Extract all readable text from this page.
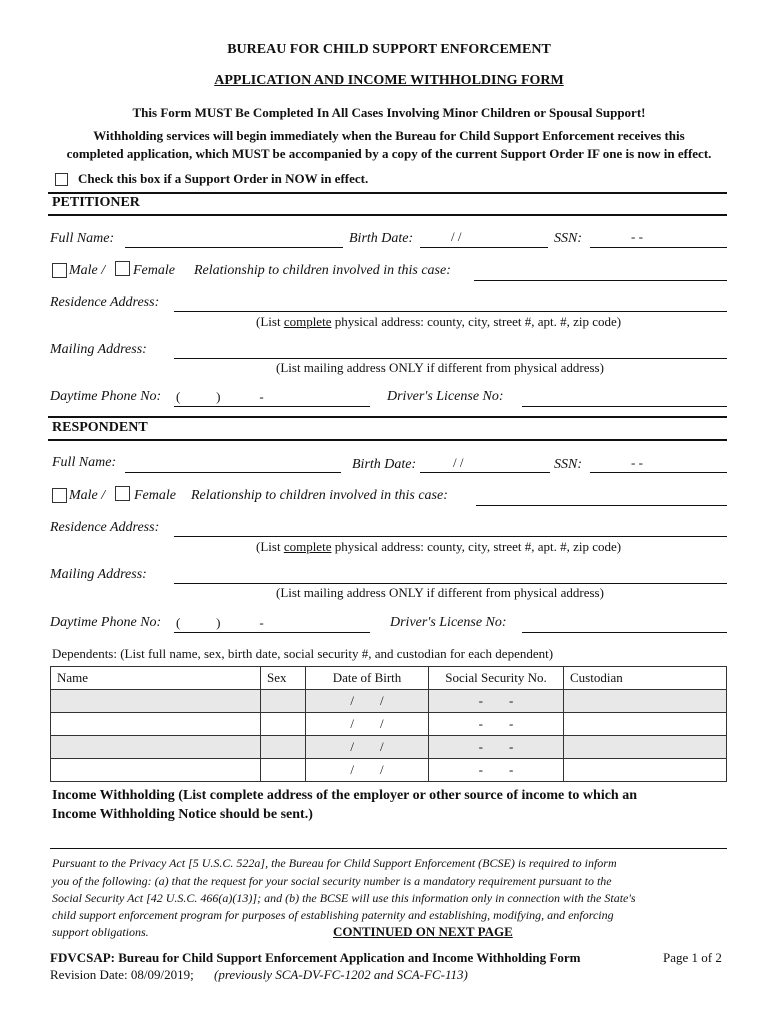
BUREAU FOR CHILD SUPPORT ENFORCEMENT
APPLICATION AND INCOME WITHHOLDING FORM
This Form MUST Be Completed In All Cases Involving Minor Children or Spousal Support!
Withholding services will begin immediately when the Bureau for Child Support Enforcement receives this
completed application, which MUST be accompanied by a copy of the current Support Order IF one is now in effect.
Check this box if a Support Order in NOW in effect.
PETITIONER
Full Name:	Birth Date:	/ /	SSN:	- -
Male / Female Relationship to children involved in this case:
Residence Address:
(List complete physical address: county, city, street #, apt. #, zip code)
Mailing Address:
(List mailing address ONLY if different from physical address)
Daytime Phone No: (           )            -	Driver's License No:
RESPONDENT
Full Name:	Birth Date:	/ /	SSN:	- -
Male / Female Relationship to children involved in this case:
Residence Address:
(List complete physical address: county, city, street #, apt. #, zip code)
Mailing Address:
(List mailing address ONLY if different from physical address)
Daytime Phone No: (           )            -	Driver's License No:
Dependents: (List full name, sex, birth date, social security #, and custodian for each dependent)
Name	Sex	Date of Birth	Social Security No.	Custodian
		/        /	-        -	
		/        /	-        -	
		/        /	-        -	
		/        /	-        -	
Income Withholding (List complete address of the employer or other source of income to which an
Income Withholding Notice should be sent.)
Pursuant to the Privacy Act [5 U.S.C. 522a], the Bureau for Child Support Enforcement (BCSE) is required to inform
you of the following: (a) that the request for your social security number is a mandatory requirement pursuant to the
Social Security Act [42 U.S.C. 466(a)(13)]; and (b) the BCSE will use this information only in connection with the State's
child support enforcement program for purposes of establishing paternity and establishing, modifying, and enforcing
support obligations.	CONTINUED ON NEXT PAGE
FDVCSAP: Bureau for Child Support Enforcement Application and Income Withholding Form	Page 1 of 2
Revision Date: 08/09/2019; (previously SCA-DV-FC-1202 and SCA-FC-113)
